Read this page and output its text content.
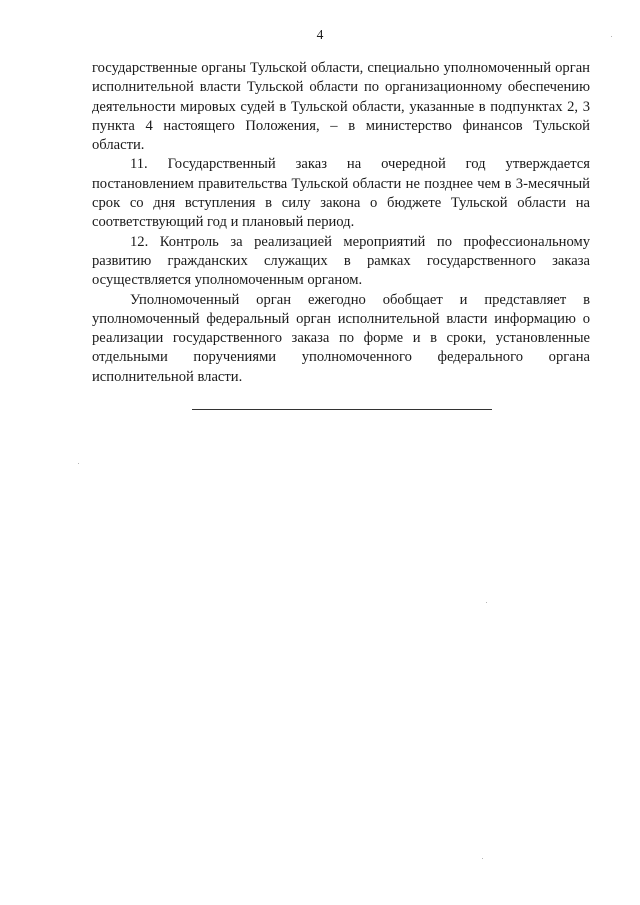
4

государственные органы Тульской области, специально уполномоченный орган исполнительной власти Тульской области по организационному обеспечению деятельности мировых судей в Тульской области, указанные в подпунктах 2, 3 пункта 4 настоящего Положения, – в министерство финансов Тульской области.

11. Государственный заказ на очередной год утверждается постановлением правительства Тульской области не позднее чем в 3-месячный срок со дня вступления в силу закона о бюджете Тульской области на соответствующий год и плановый период.

12. Контроль за реализацией мероприятий по профессиональному развитию гражданских служащих в рамках государственного заказа осуществляется уполномоченным органом.

Уполномоченный орган ежегодно обобщает и представляет в уполномоченный федеральный орган исполнительной власти информацию о реализации государственного заказа по форме и в сроки, установленные отдельными поручениями уполномоченного федерального органа исполнительной власти.
